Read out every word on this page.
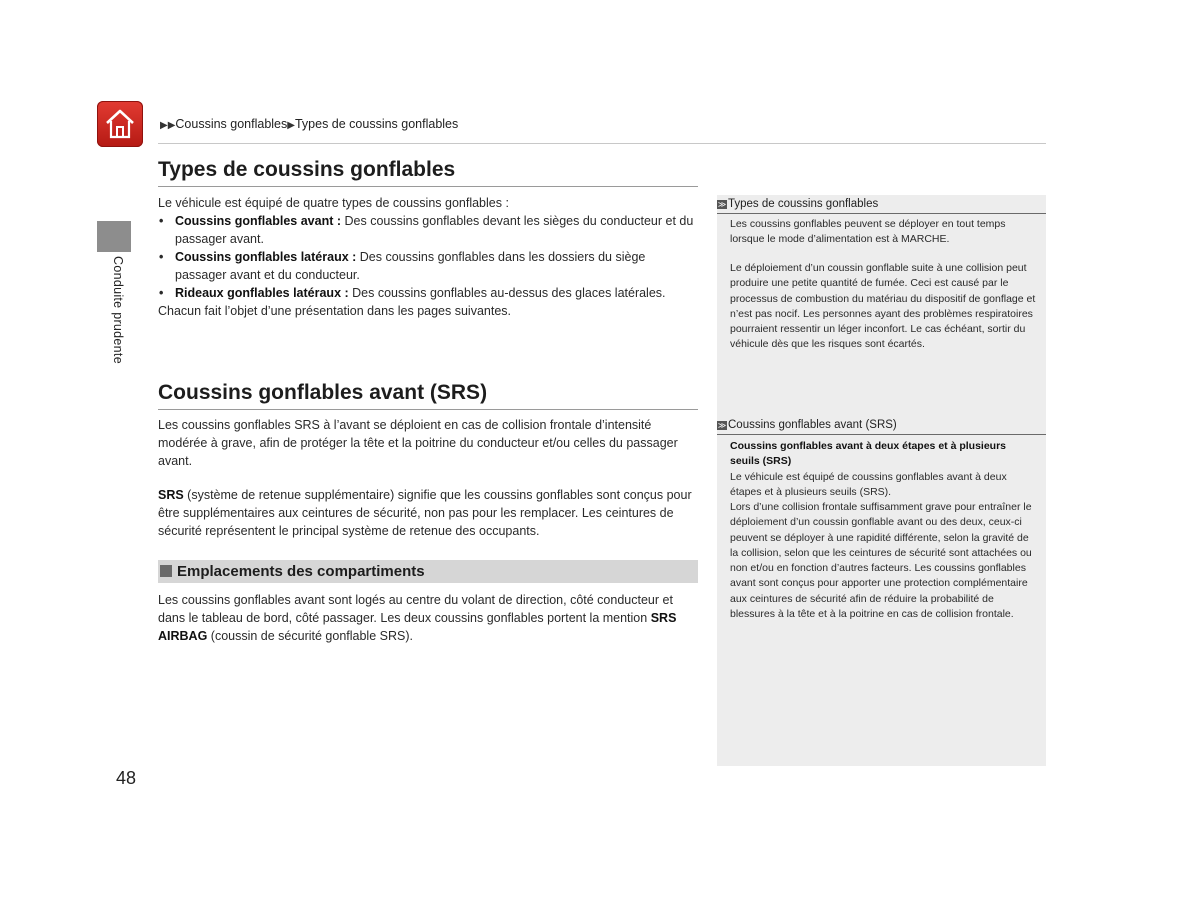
▶▶Coussins gonflables▶Types de coussins gonflables
Conduite prudente
Types de coussins gonflables

Le véhicule est équipé de quatre types de coussins gonflables :

• Coussins gonflables avant : Des coussins gonflables devant les sièges du conducteur et du passager avant.
• Coussins gonflables latéraux : Des coussins gonflables dans les dossiers du siège passager avant et du conducteur.
• Rideaux gonflables latéraux : Des coussins gonflables au-dessus des glaces latérales.

Chacun fait l’objet d’une présentation dans les pages suivantes.

Coussins gonflables avant (SRS)

Les coussins gonflables SRS à l’avant se déploient en cas de collision frontale d’intensité modérée à grave, afin de protéger la tête et la poitrine du conducteur et/ou celles du passager avant.

SRS (système de retenue supplémentaire) signifie que les coussins gonflables sont conçus pour être supplémentaires aux ceintures de sécurité, non pas pour les remplacer. Les ceintures de sécurité représentent le principal système de retenue des occupants.

Emplacements des compartiments

Les coussins gonflables avant sont logés au centre du volant de direction, côté conducteur et dans le tableau de bord, côté passager. Les deux coussins gonflables portent la mention SRS AIRBAG (coussin de sécurité gonflable SRS).

≫ Types de coussins gonflables

Les coussins gonflables peuvent se déployer en tout temps lorsque le mode d’alimentation est à MARCHE.

Le déploiement d’un coussin gonflable suite à une collision peut produire une petite quantité de fumée. Ceci est causé par le processus de combustion du matériau du dispositif de gonflage et n’est pas nocif. Les personnes ayant des problèmes respiratoires pourraient ressentir un léger inconfort. Le cas échéant, sortir du véhicule dès que les risques sont écartés.

≫ Coussins gonflables avant (SRS)

Coussins gonflables avant à deux étapes et à plusieurs seuils (SRS)

Le véhicule est équipé de coussins gonflables avant à deux étapes et à plusieurs seuils (SRS).

Lors d’une collision frontale suffisamment grave pour entraîner le déploiement d’un coussin gonflable avant ou des deux, ceux-ci peuvent se déployer à une rapidité différente, selon la gravité de la collision, selon que les ceintures de sécurité sont attachées ou non et/ou en fonction d’autres facteurs. Les coussins gonflables avant sont conçus pour apporter une protection complémentaire aux ceintures de sécurité afin de réduire la probabilité de blessures à la tête et à la poitrine en cas de collision frontale.

48
